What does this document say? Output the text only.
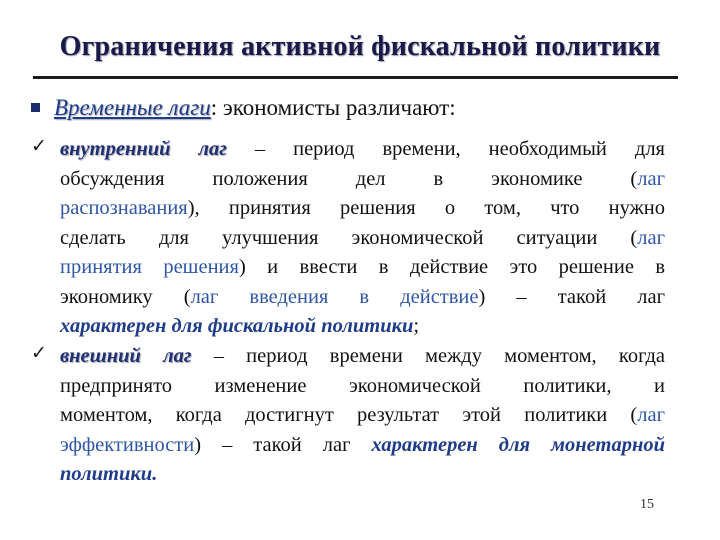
Ограничения активной фискальной политики
Временные лаги: экономисты различают:
✓ внутренний лаг – период времени, необходимый для
обсуждения положения дел в экономике (лаг
распознавания), принятия решения о том, что нужно
сделать для улучшения экономической ситуации (лаг
принятия решения) и ввести в действие это решение в
экономику (лаг введения в действие) – такой лаг
характерен для фискальной политики;
✓ внешний лаг – период времени между моментом, когда
предпринято изменение экономической политики, и
моментом, когда достигнут результат этой политики (лаг
эффективности) – такой лаг характерен для монетарной
политики.
15
